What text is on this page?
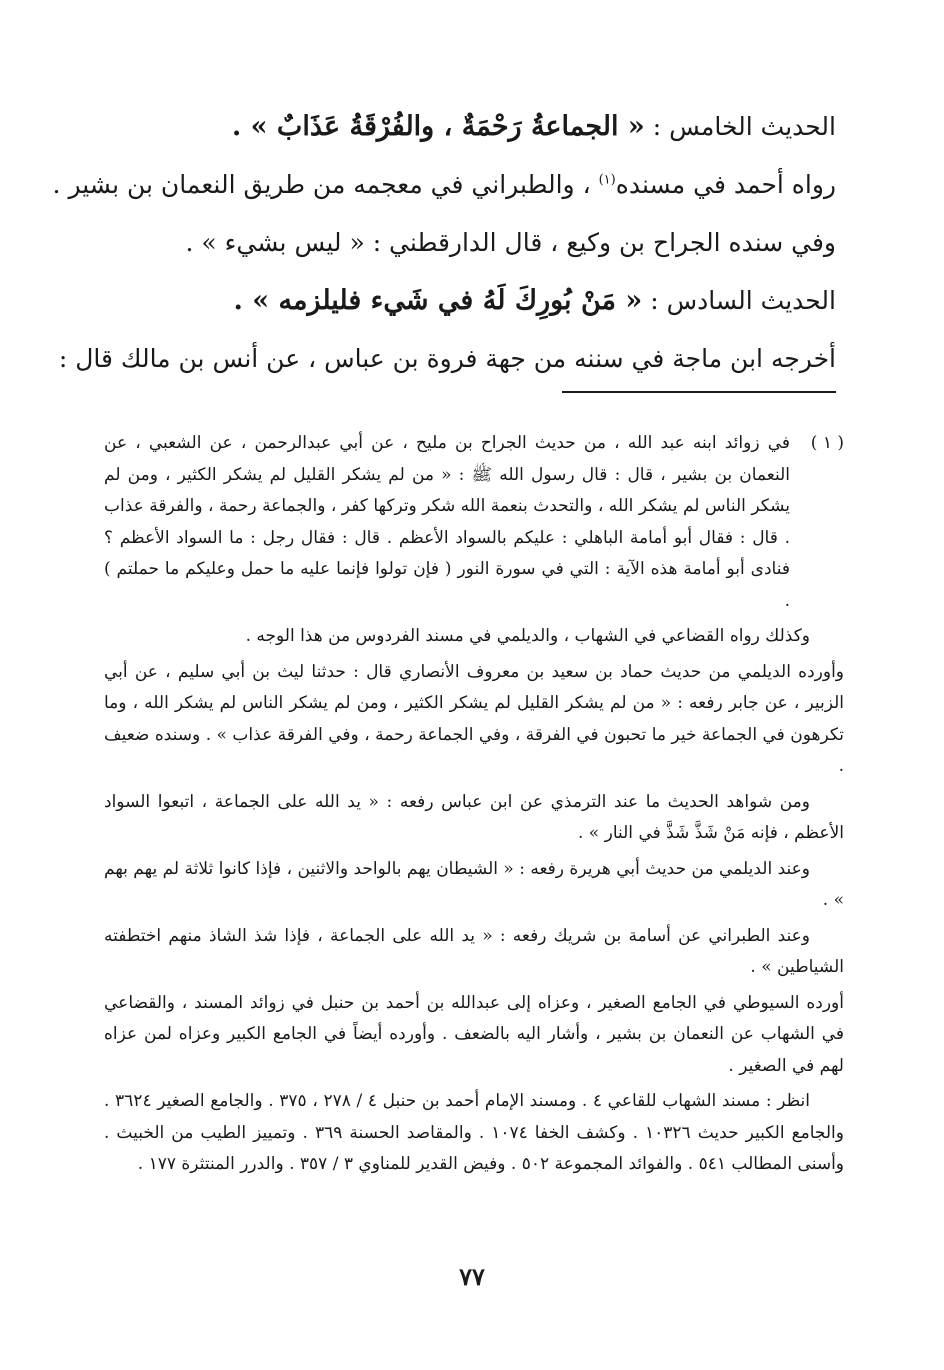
الحديث الخامس : « الجماعةُ رَحْمَةٌ ، والفُرْقَةُ عَذَابٌ » .
رواه أحمد في مسنده$^{(١)}$ ، والطبراني في معجمه من طريق النعمان بن بشير .
وفي سنده الجراح بن وكيع ، قال الدارقطني : « ليس بشيء » .
الحديث السادس : « مَنْ بُورِكَ لَهُ في شَيء فليلزمه » .
أخرجه ابن ماجة في سننه من جهة فروة بن عباس ، عن أنس بن مالك قال :
( ١ )
في زوائد ابنه عبد الله ، من حديث الجراح بن مليح ، عن أبي عبدالرحمن ، عن الشعبي ، عن النعمان بن بشير ، قال : قال رسول الله ﷺ : « من لم يشكر القليل لم يشكر الكثير ، ومن لم يشكر الناس لم يشكر الله ، والتحدث بنعمة الله شكر وتركها كفر ، والجماعة رحمة ، والفرقة عذاب . قال : فقال أبو أمامة الباهلي : عليكم بالسواد الأعظم . قال : فقال رجل : ما السواد الأعظم ؟ فنادى أبو أمامة هذه الآية : التي في سورة النور ( فإن تولوا فإنما عليه ما حمل وعليكم ما حملتم ) .
وكذلك رواه القضاعي في الشهاب ، والديلمي في مسند الفردوس من هذا الوجه .
وأورده الديلمي من حديث حماد بن سعيد بن معروف الأنصاري قال : حدثنا ليث بن أبي سليم ، عن أبي الزبير ، عن جابر رفعه : « من لم يشكر القليل لم يشكر الكثير ، ومن لم يشكر الناس لم يشكر الله ، وما تكرهون في الجماعة خير ما تحبون في الفرقة ، وفي الجماعة رحمة ، وفي الفرقة عذاب » . وسنده ضعيف .
ومن شواهد الحديث ما عند الترمذي عن ابن عباس رفعه : « يد الله على الجماعة ، اتبعوا السواد الأعظم ، فإنه مَنْ شَذَّ شَذَّ في النار » .
وعند الديلمي من حديث أبي هريرة رفعه : « الشيطان يهم بالواحد والاثنين ، فإذا كانوا ثلاثة لم يهم بهم » .
وعند الطبراني عن أسامة بن شريك رفعه : « يد الله على الجماعة ، فإذا شذ الشاذ منهم اختطفته الشياطين » .
أورده السيوطي في الجامع الصغير ، وعزاه إلى عبدالله بن أحمد بن حنبل في زوائد المسند ، والقضاعي في الشهاب عن النعمان بن بشير ، وأشار اليه بالضعف . وأورده أيضاً في الجامع الكبير وعزاه لمن عزاه لهم في الصغير .
انظر : مسند الشهاب للقاعي ٤ . ومسند الإمام أحمد بن حنبل ٤ / ٢٧٨ ، ٣٧٥ . والجامع الصغير ٣٦٢٤ . والجامع الكبير حديث ١٠٣٢٦ . وكشف الخفا ١٠٧٤ . والمقاصد الحسنة ٣٦٩ . وتمييز الطيب من الخبيث . وأسنى المطالب ٥٤١ . والفوائد المجموعة ٥٠٢ . وفيض القدير للمناوي ٣ / ٣٥٧ . والدرر المنتثرة ١٧٧ .
٧٧
